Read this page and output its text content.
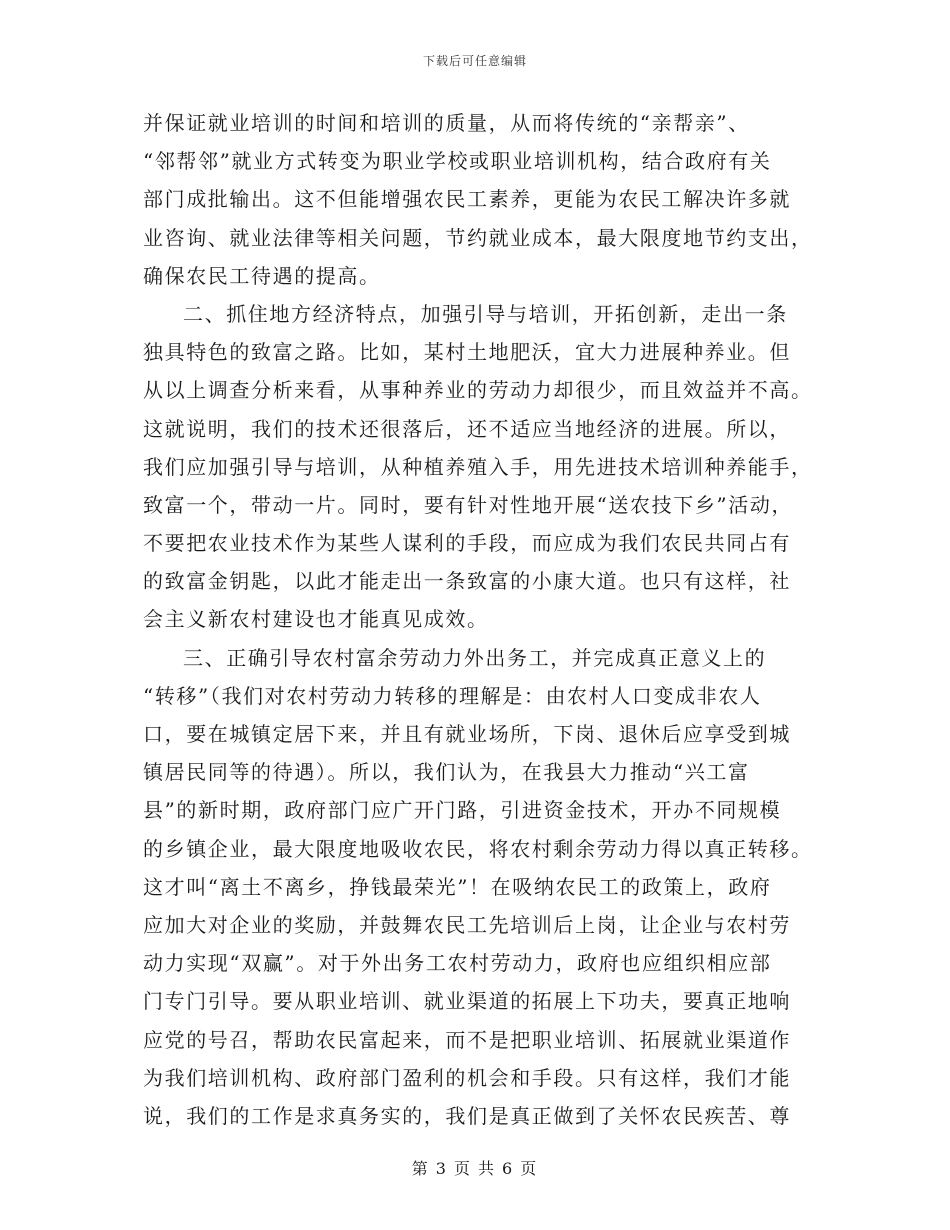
下载后可任意编辑
并保证就业培训的时间和培训的质量，从而将传统的“亲帮亲”、
“邻帮邻”就业方式转变为职业学校或职业培训机构，结合政府有关
部门成批输出。这不但能增强农民工素养，更能为农民工解决许多就
业咨询、就业法律等相关问题，节约就业成本，最大限度地节约支出，
确保农民工待遇的提高。
二、抓住地方经济特点，加强引导与培训，开拓创新，走出一条
独具特色的致富之路。比如，某村土地肥沃，宜大力进展种养业。但
从以上调查分析来看，从事种养业的劳动力却很少，而且效益并不高。
这就说明，我们的技术还很落后，还不适应当地经济的进展。所以，
我们应加强引导与培训，从种植养殖入手，用先进技术培训种养能手，
致富一个，带动一片。同时，要有针对性地开展“送农技下乡”活动，
不要把农业技术作为某些人谋利的手段，而应成为我们农民共同占有
的致富金钥匙，以此才能走出一条致富的小康大道。也只有这样，社
会主义新农村建设也才能真见成效。
三、正确引导农村富余劳动力外出务工，并完成真正意义上的
“转移”（我们对农村劳动力转移的理解是：由农村人口变成非农人
口，要在城镇定居下来，并且有就业场所，下岗、退休后应享受到城
镇居民同等的待遇）。所以，我们认为，在我县大力推动“兴工富
县”的新时期，政府部门应广开门路，引进资金技术，开办不同规模
的乡镇企业，最大限度地吸收农民，将农村剩余劳动力得以真正转移。
这才叫“离土不离乡，挣钱最荣光”！在吸纳农民工的政策上，政府
应加大对企业的奖励，并鼓舞农民工先培训后上岗，让企业与农村劳
动力实现“双赢”。对于外出务工农村劳动力，政府也应组织相应部
门专门引导。要从职业培训、就业渠道的拓展上下功夫，要真正地响
应党的号召，帮助农民富起来，而不是把职业培训、拓展就业渠道作
为我们培训机构、政府部门盈利的机会和手段。只有这样，我们才能
说，我们的工作是求真务实的，我们是真正做到了关怀农民疾苦、尊
第 3 页 共 6 页
